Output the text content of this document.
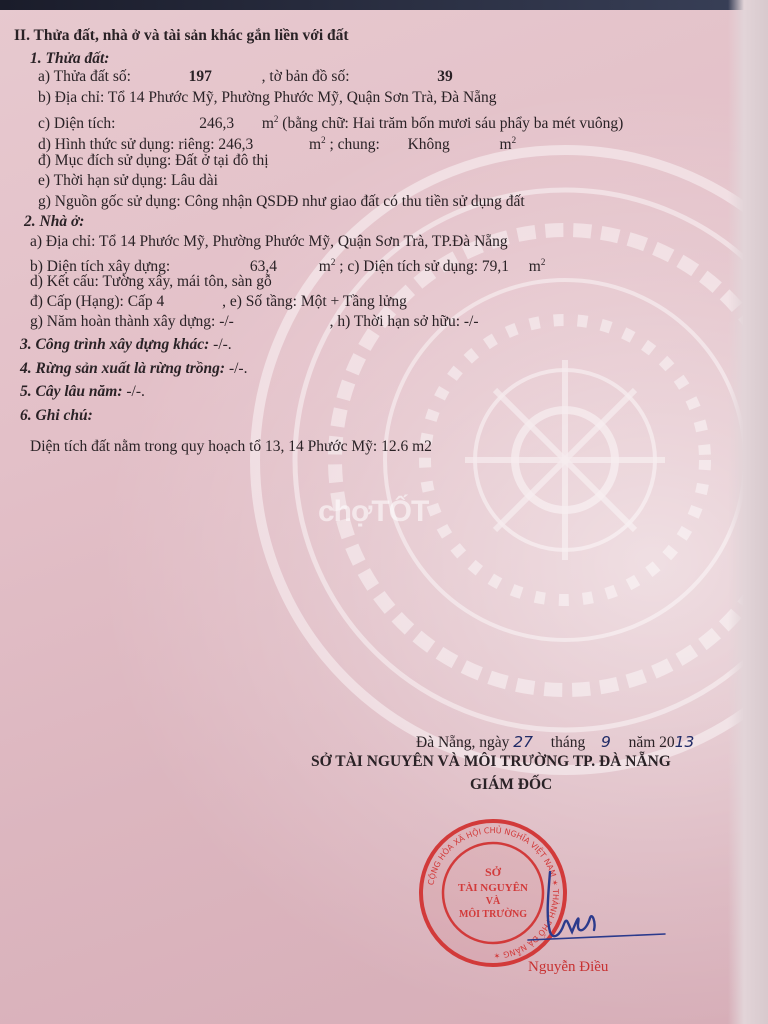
II. Thửa đất, nhà ở và tài sản khác gắn liền với đất
1. Thửa đất:
a) Thửa đất số:	197	, tờ bản đồ số:	39
b) Địa chỉ: Tổ 14 Phước Mỹ, Phường Phước Mỹ, Quận Sơn Trà, Đà Nẵng
c) Diện tích:	246,3 $m^2$ (bằng chữ: Hai trăm bốn mươi sáu phẩy ba mét vuông)
d) Hình thức sử dụng: riêng: 246,3	$m^2$ ; chung: Không	$m^2$
đ) Mục đích sử dụng: Đất ở tại đô thị
e) Thời hạn sử dụng: Lâu dài
g) Nguồn gốc sử dụng: Công nhận QSDĐ như giao đất có thu tiền sử dụng đất
2. Nhà ở:
a) Địa chỉ: Tổ 14 Phước Mỹ, Phường Phước Mỹ, Quận Sơn Trà, TP.Đà Nẵng
b) Diện tích xây dựng:	63,4	$m^2$ ; c) Diện tích sử dụng: 79,1 $m^2$
d) Kết cấu: Tường xây, mái tôn, sàn gỗ
đ) Cấp (Hạng): Cấp 4	, e) Số tầng: Một + Tầng lửng
g) Năm hoàn thành xây dựng: -/-	, h) Thời hạn sở hữu: -/-
3. Công trình xây dựng khác: -/-.
4. Rừng sản xuất là rừng trồng: -/-.
5. Cây lâu năm: -/-.
6. Ghi chú:
Diện tích đất nằm trong quy hoạch tổ 13, 14 Phước Mỹ: 12.6 m2
chợTỐT
Đà Nẵng, ngày 27 tháng 9 năm 2013
SỞ TÀI NGUYÊN VÀ MÔI TRƯỜNG TP. ĐÀ NẴNG
GIÁM ĐỐC
CỘNG HÒA XÃ HỘI CHỦ NGHĨA VIỆT NAM ✶ THÀNH PHỐ ĐÀ NẴNG ✶
SỞ
TÀI NGUYÊN
VÀ
MÔI TRƯỜNG
Nguyễn Điều
